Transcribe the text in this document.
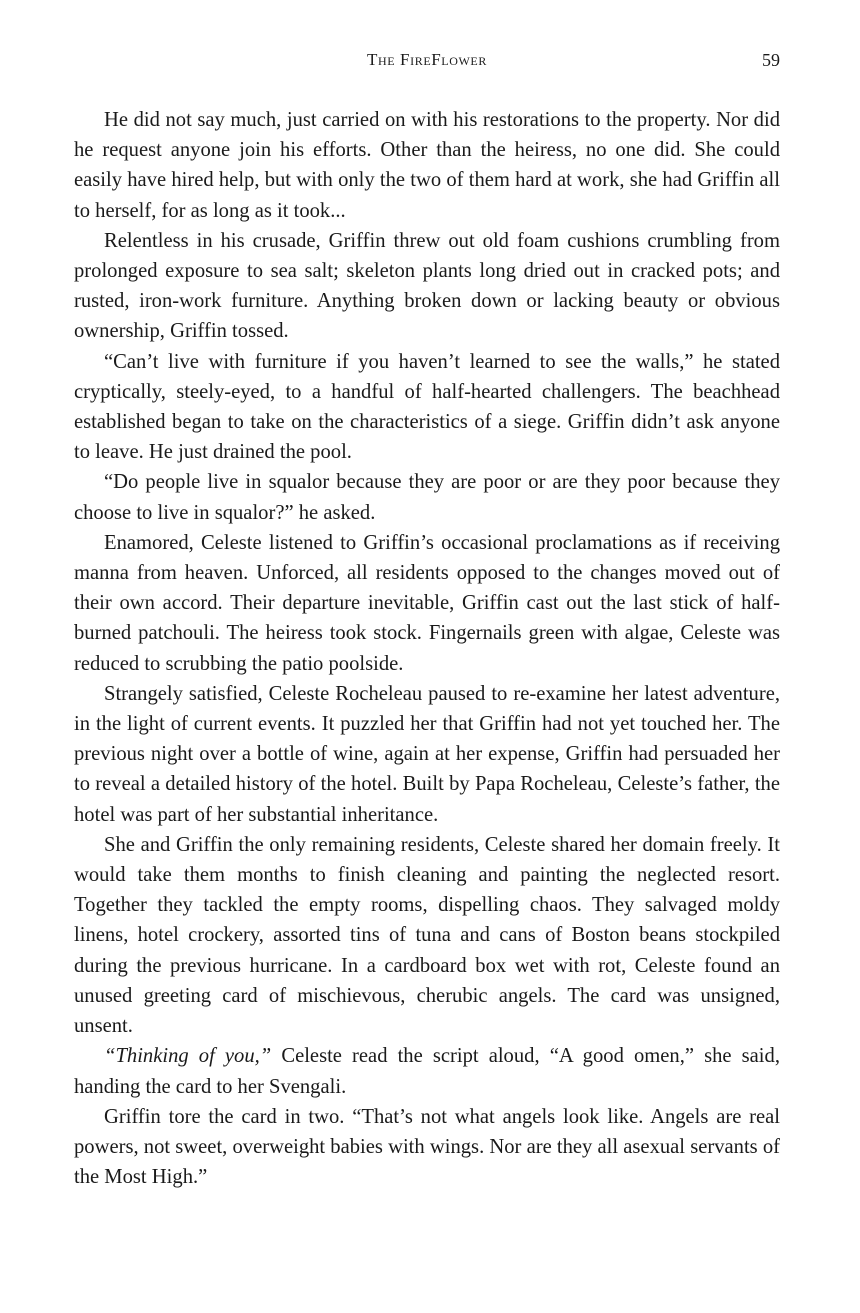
The FireFlower	59

He did not say much, just carried on with his restorations to the property. Nor did he request anyone join his efforts. Other than the heiress, no one did. She could easily have hired help, but with only the two of them hard at work, she had Griffin all to herself, for as long as it took...

Relentless in his crusade, Griffin threw out old foam cushions crumbling from prolonged exposure to sea salt; skeleton plants long dried out in cracked pots; and rusted, iron-work furniture. Anything broken down or lacking beauty or obvious ownership, Griffin tossed.

“Can’t live with furniture if you haven’t learned to see the walls,” he stated cryptically, steely-eyed, to a handful of half-hearted challengers. The beachhead established began to take on the characteristics of a siege. Griffin didn’t ask anyone to leave. He just drained the pool.

“Do people live in squalor because they are poor or are they poor because they choose to live in squalor?” he asked.

Enamored, Celeste listened to Griffin’s occasional proclamations as if receiving manna from heaven. Unforced, all residents opposed to the changes moved out of their own accord. Their departure inevitable, Griffin cast out the last stick of half-burned patchouli. The heiress took stock. Fingernails green with algae, Celeste was reduced to scrubbing the patio poolside.

Strangely satisfied, Celeste Rocheleau paused to re-examine her latest adventure, in the light of current events. It puzzled her that Griffin had not yet touched her. The previous night over a bottle of wine, again at her expense, Griffin had persuaded her to reveal a detailed history of the hotel. Built by Papa Rocheleau, Celeste’s father, the hotel was part of her substantial inheritance.

She and Griffin the only remaining residents, Celeste shared her domain freely. It would take them months to finish cleaning and painting the neglected resort. Together they tackled the empty rooms, dispelling chaos. They salvaged moldy linens, hotel crockery, assorted tins of tuna and cans of Boston beans stockpiled during the previous hurricane. In a cardboard box wet with rot, Celeste found an unused greeting card of mischievous, cherubic angels. The card was unsigned, unsent.

“Thinking of you,” Celeste read the script aloud, “A good omen,” she said, handing the card to her Svengali.

Griffin tore the card in two. “That’s not what angels look like. Angels are real powers, not sweet, overweight babies with wings. Nor are they all asexual servants of the Most High.”
